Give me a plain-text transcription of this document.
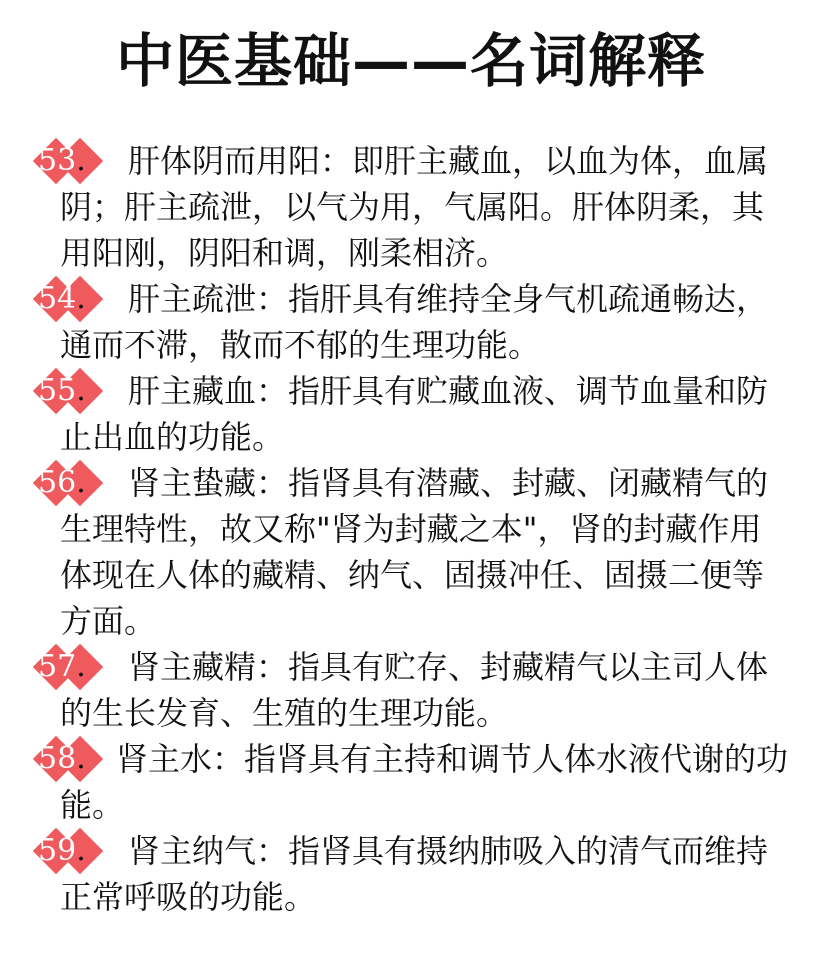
中医基础——名词解释
53.	肝体阴而用阳：即肝主藏血，以血为体，血属阴；肝主疏泄，以气为用，气属阳。肝体阴柔，其用阳刚，阴阳和调，刚柔相济。
54.	肝主疏泄：指肝具有维持全身气机疏通畅达，通而不滞，散而不郁的生理功能。
55.	肝主藏血：指肝具有贮藏血液、调节血量和防止出血的功能。
56.	肾主蛰藏：指肾具有潜藏、封藏、闭藏精气的生理特性，故又称"肾为封藏之本"，肾的封藏作用体现在人体的藏精、纳气、固摄冲任、固摄二便等方面。
57.	肾主藏精：指具有贮存、封藏精气以主司人体的生长发育、生殖的生理功能。
58. 肾主水：指肾具有主持和调节人体水液代谢的功能。
59.	肾主纳气：指肾具有摄纳肺吸入的清气而维持正常呼吸的功能。
